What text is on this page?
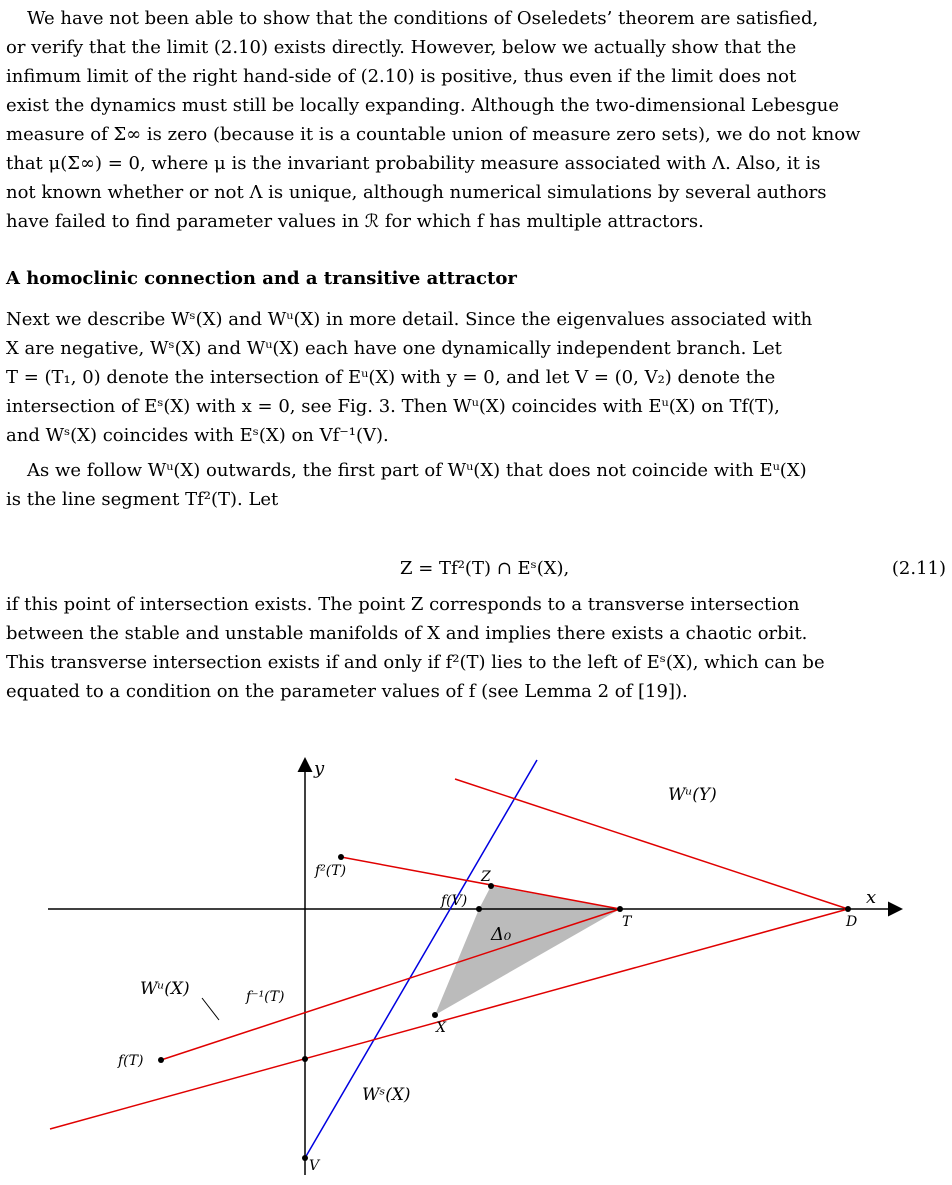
We have not been able to show that the conditions of Oseledets’ theorem are satisfied,
or verify that the limit (2.10) exists directly. However, below we actually show that the
infimum limit of the right hand-side of (2.10) is positive, thus even if the limit does not
exist the dynamics must still be locally expanding. Although the two-dimensional Lebesgue
measure of Σ∞ is zero (because it is a countable union of measure zero sets), we do not know
that μ(Σ∞) = 0, where μ is the invariant probability measure associated with Λ. Also, it is
not known whether or not Λ is unique, although numerical simulations by several authors
have failed to find parameter values in ℛ for which f has multiple attractors.
A homoclinic connection and a transitive attractor
Next we describe Wˢ(X) and Wᵘ(X) in more detail. Since the eigenvalues associated with
X are negative, Wˢ(X) and Wᵘ(X) each have one dynamically independent branch. Let
T = (T₁, 0) denote the intersection of Eᵘ(X) with y = 0, and let V = (0, V₂) denote the
intersection of Eˢ(X) with x = 0, see Fig. 3. Then Wᵘ(X) coincides with Eᵘ(X) on Tf(T),
and Wˢ(X) coincides with Eˢ(X) on Vf⁻¹(V).
As we follow Wᵘ(X) outwards, the first part of Wᵘ(X) that does not coincide with Eᵘ(X)
is the line segment Tf²(T). Let
Z = Tf²(T) ∩ Eˢ(X),	(2.11)
if this point of intersection exists. The point Z corresponds to a transverse intersection
between the stable and unstable manifolds of X and implies there exists a chaotic orbit.
This transverse intersection exists if and only if f²(T) lies to the left of Eˢ(X), which can be
equated to a condition on the parameter values of f (see Lemma 2 of [19]).
y
x
f²(T)	Z
f(V)
T	D
Δ₀
X
Wᵘ(Y)
Wᵘ(X)	f⁻¹(T)
f(T)
Wˢ(X)
V
